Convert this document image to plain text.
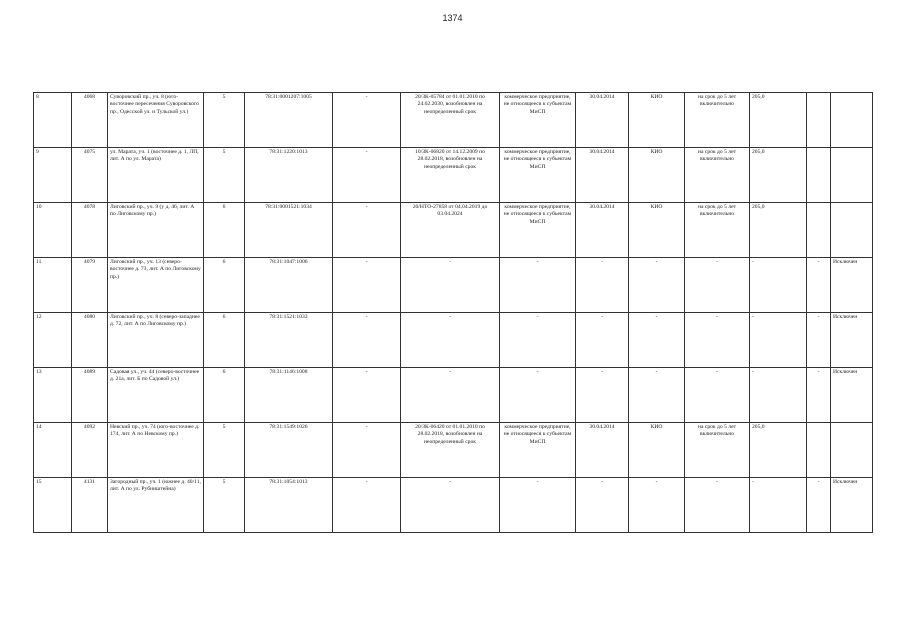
1374
8	4068	Суворовский пр., уч. 8 (юго-восточнее пересечения Суворовского пр., Одесской ул. и Тульской ул.)	5	78:31:0001207:1005	-	20/ЗК-05784 от 01.01.2010 по 24.02.2030, возобновлен на неопределенный срок	коммерческое предприятие, не относящееся к субъектам МиСП	30.04.2014	КИО	на срок до 5 лет включительно	205,0		
9	4075	ул. Марата, уч. 1 (восточнее д. 1, ЛП, лит. А по ул. Марата)	5	78:31:1220:1013	-	10/ЗК-06820 от 14.12.2009 по 28.02.2018, возобновлен на неопределенный срок	коммерческое предприятие, не относящееся к субъектам МиСП	30.04.2014	КИО	на срок до 5 лет включительно	205,0		
10	4078	Лиговский пр., уч. 9 (у д. 46, лит. А по Лиговскому пр.)	6	78:31:0001521:1034	-	20/НТО-27858 от 04.04.2019 до 03.04.2024	коммерческое предприятие, не относящееся к субъектам МиСП	30.04.2014	КИО	на срок до 5 лет включительно	205,0		
11	4079	Лиговский пр., уч. 13 (северо-восточнее д. 73, лит. А по Лиговскому пр.)	6	78:31:1047:1006	-	-	-	-	-	-	-	-	Исключен
12	4080	Лиговский пр., уч. 8 (северо-западнее д. 72, лит. А по Лиговскому пр.)	6	78:31:1521:1033	-	-	-	-	-	-	-	-	Исключен
13	4089	Садовая ул., уч. 44 (северо-восточнее д. 21а, лит. Б по Садовой ул.)	6	78:31:1146:1008	-	-	-	-	-	-	-	-	Исключен
14	4092	Невский пр., уч. 74 (юго-восточнее д. 174, лит. А по Невскому пр.)	5	78:31:1549:1026	-	20/ЗК-06420 от 01.01.2010 по 28.02.2018, возобновлен на неопределенный срок	коммерческое предприятие, не относящееся к субъектам МиСП	30.04.2014	КИО	на срок до 5 лет включительно	205,0		
15	4131	Загородный пр., уч. 1 (южнее д. 40/11, лит. А по ул. Рубинштейна)	5	78:31:1054:1013	-	-	-	-	-	-	-	-	Исключен
